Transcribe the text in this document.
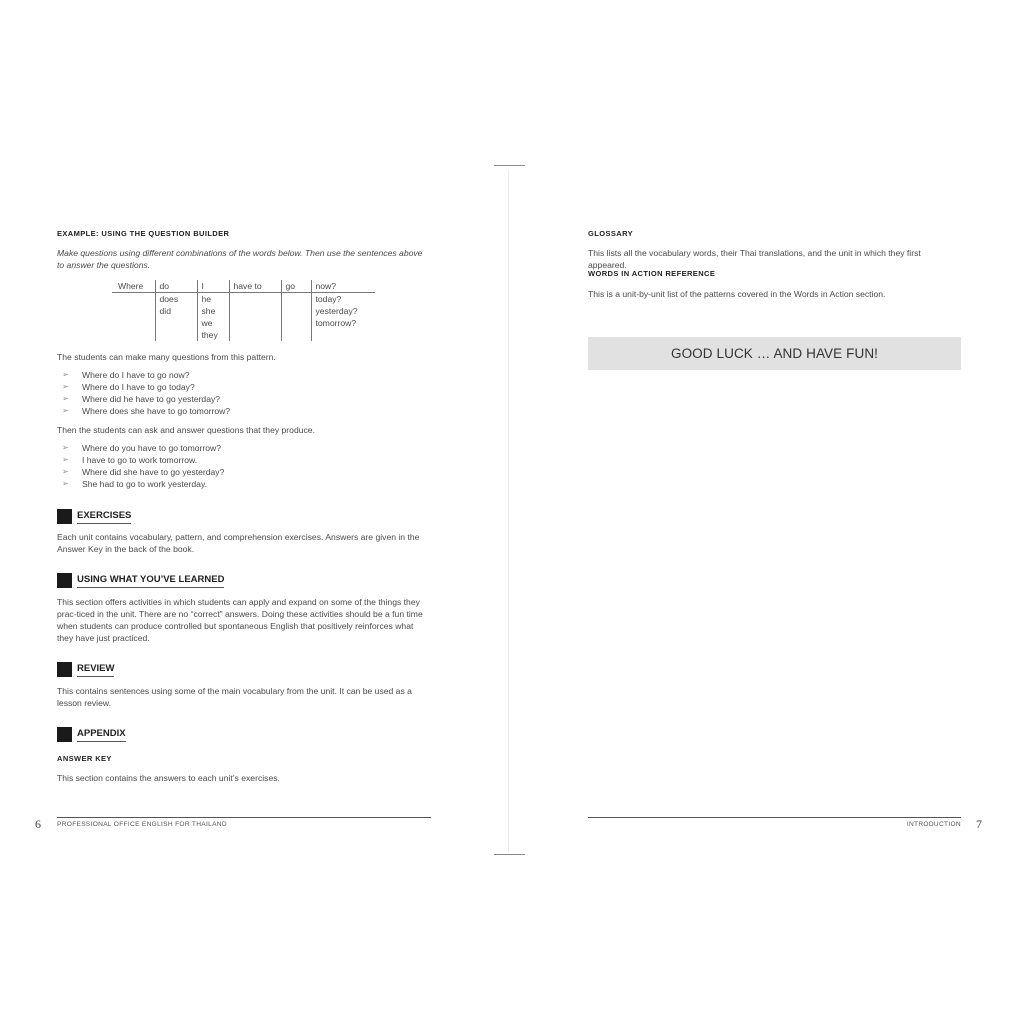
EXAMPLE: USING THE QUESTION BUILDER
Make questions using different combinations of the words below. Then use the sentences above to answer the questions.
Where	do	I	have to	go	now?
	does	he			today?
	did	she			yesterday?
		we			tomorrow?
		they			
The students can make many questions from this pattern.
➢ Where do I have to go now?
➢ Where do I have to go today?
➢ Where did he have to go yesterday?
➢ Where does she have to go tomorrow?
Then the students can ask and answer questions that they produce.
➢ Where do you have to go tomorrow?
➢ I have to go to work tomorrow.
➢ Where did she have to go yesterday?
➢ She had to go to work yesterday.
EXERCISES
Each unit contains vocabulary, pattern, and comprehension exercises. Answers are given in the Answer Key in the back of the book.
USING WHAT YOU’VE LEARNED
This section offers activities in which students can apply and expand on some of the things they prac-ticed in the unit. There are no “correct” answers. Doing these activities should be a fun time when students can produce controlled but spontaneous English that positively reinforces what they have just practiced.
REVIEW
This contains sentences using some of the main vocabulary from the unit. It can be used as a lesson review.
APPENDIX
ANSWER KEY
This section contains the answers to each unit’s exercises.
PROFESSIONAL OFFICE ENGLISH FOR THAILAND
6
GLOSSARY
This lists all the vocabulary words, their Thai translations, and the unit in which they first appeared.
WORDS IN ACTION REFERENCE
This is a unit-by-unit list of the patterns covered in the Words in Action section.
GOOD LUCK … AND HAVE FUN!
INTRODUCTION 7
